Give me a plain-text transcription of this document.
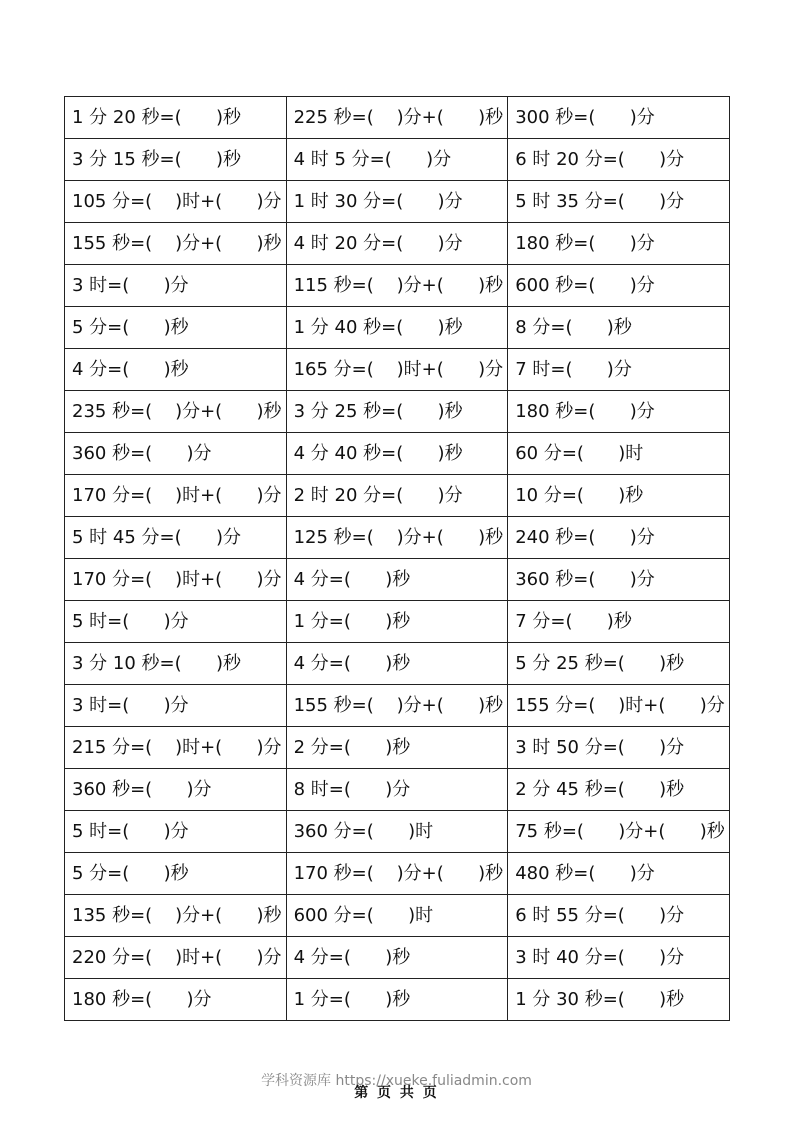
1 分 20 秒=(      )秒	225 秒=(    )分+(      )秒	300 秒=(      )分
3 分 15 秒=(      )秒	4 时 5 分=(      )分	6 时 20 分=(      )分
105 分=(    )时+(      )分	1 时 30 分=(      )分	5 时 35 分=(      )分
155 秒=(    )分+(      )秒	4 时 20 分=(      )分	180 秒=(      )分
3 时=(      )分	115 秒=(    )分+(      )秒	600 秒=(      )分
5 分=(      )秒	1 分 40 秒=(      )秒	8 分=(      )秒
4 分=(      )秒	165 分=(    )时+(      )分	7 时=(      )分
235 秒=(    )分+(      )秒	3 分 25 秒=(      )秒	180 秒=(      )分
360 秒=(      )分	4 分 40 秒=(      )秒	60 分=(      )时
170 分=(    )时+(      )分	2 时 20 分=(      )分	10 分=(      )秒
5 时 45 分=(      )分	125 秒=(    )分+(      )秒	240 秒=(      )分
170 分=(    )时+(      )分	4 分=(      )秒	360 秒=(      )分
5 时=(      )分	1 分=(      )秒	7 分=(      )秒
3 分 10 秒=(      )秒	4 分=(      )秒	5 分 25 秒=(      )秒
3 时=(      )分	155 秒=(    )分+(      )秒	155 分=(    )时+(      )分
215 分=(    )时+(      )分	2 分=(      )秒	3 时 50 分=(      )分
360 秒=(      )分	8 时=(      )分	2 分 45 秒=(      )秒
5 时=(      )分	360 分=(      )时	75 秒=(      )分+(      )秒
5 分=(      )秒	170 秒=(    )分+(      )秒	480 秒=(      )分
135 秒=(    )分+(      )秒	600 分=(      )时	6 时 55 分=(      )分
220 分=(    )时+(      )分	4 分=(      )秒	3 时 40 分=(      )分
180 秒=(      )分	1 分=(      )秒	1 分 30 秒=(      )秒
学科资源库 https://xueke.fuliadmin.com
第 页 共 页
